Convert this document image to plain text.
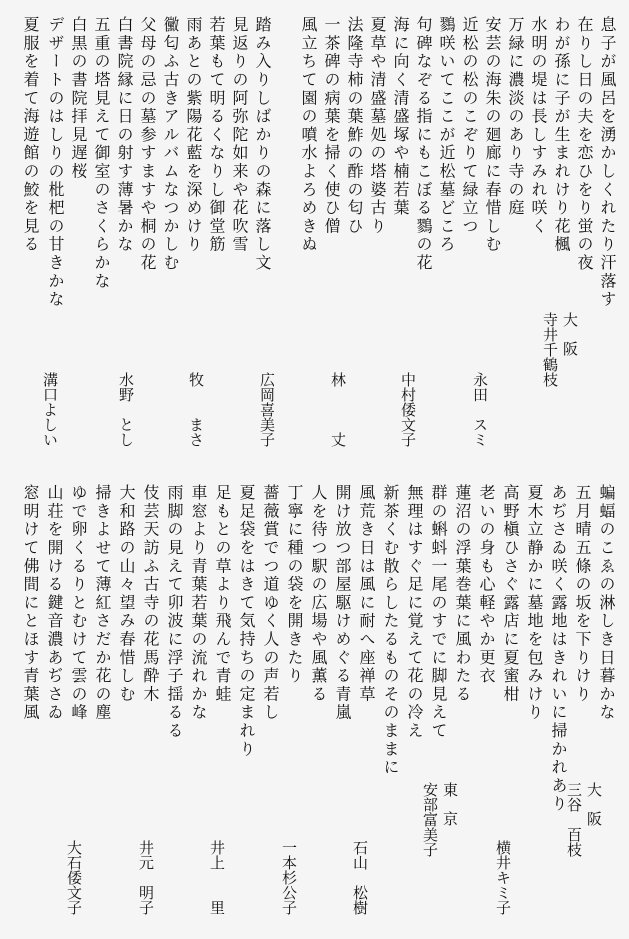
息子が風呂を湧かしくれたり汗落す
在りし日の夫を恋ひをり蛍の夜
わが孫に子が生まれけり花楓
水明の堤は長しすみれ咲く
万緑に濃淡のあり寺の庭
安芸の海朱の廻廊に春惜しむ
近松の松のこぞりて緑立つ
鷚咲いてここが近松墓どころ
句碑なぞる指にもこぼる鷚の花
海に向く清盛塚や楠若葉
夏草や清盛墓処の塔婆古り
法隆寺柿の葉鮓の酢の匂ひ
一茶碑の病葉を掃く使ひ僧
風立ちて園の噴水よろめきぬ
踏み入りしばかりの森に落し文
見返りの阿弥陀如来や花吹雪
若葉もて明るくなりし御堂筋
雨あとの紫陽花藍を深めけり
黴匂ふ古きアルバムなつかしむ
父母の忌の墓参すますや桐の花
白書院縁に日の射す薄暑かな
五重の塔見えて御室のさくらかな
白黒の書院拝見遅桜
デザートのはしりの枇杷の甘きかな
夏服を着て海遊館の鮫を見る
大阪
寺井千鶴枝
永田　スミ
中村倭文子
林　　　丈
広岡喜美子
牧　　まさ
水野　とし
溝口よしい
蝙蝠のこゑの淋しき日暮かな
五月晴五條の坂を下りけり
あぢさゐ咲く露地はきれいに掃かれあり
夏木立静かに墓地を包みけり
高野槇ひさぐ露店に夏蜜柑
老いの身も心軽やか更衣
蓮沼の浮葉巻葉に風わたる
群の蝌蚪一尾のすでに脚見えて
無理はすぐ足に覚えて花の冷え
新茶くむ散らしたるものそのままに
風荒き日は風に耐へ座禅草
開け放つ部屋駆けめぐる青嵐
人を待つ駅の広場や風薫る
丁寧に種の袋を開きたり
薔薇賞でつ道ゆく人の声若し
夏足袋をはきて気持ちの定まれり
足もとの草より飛んで青蛙
車窓より青葉若葉の流れかな
雨脚の見えて卯波に浮子揺るる
伎芸天訪ふ古寺の花馬酔木
大和路の山々望み春惜しむ
掃きよせて薄紅さだか花の塵
ゆで卵くるりとむけて雲の峰
山荘を開ける鍵音濃あぢさゐ
窓明けて佛間にとほす青葉風
大阪
三谷　百枝
横井キミ子
東京
安部富美子
石山　松樹
一本杉公子
井上　　里
井元　明子
大石倭文子
